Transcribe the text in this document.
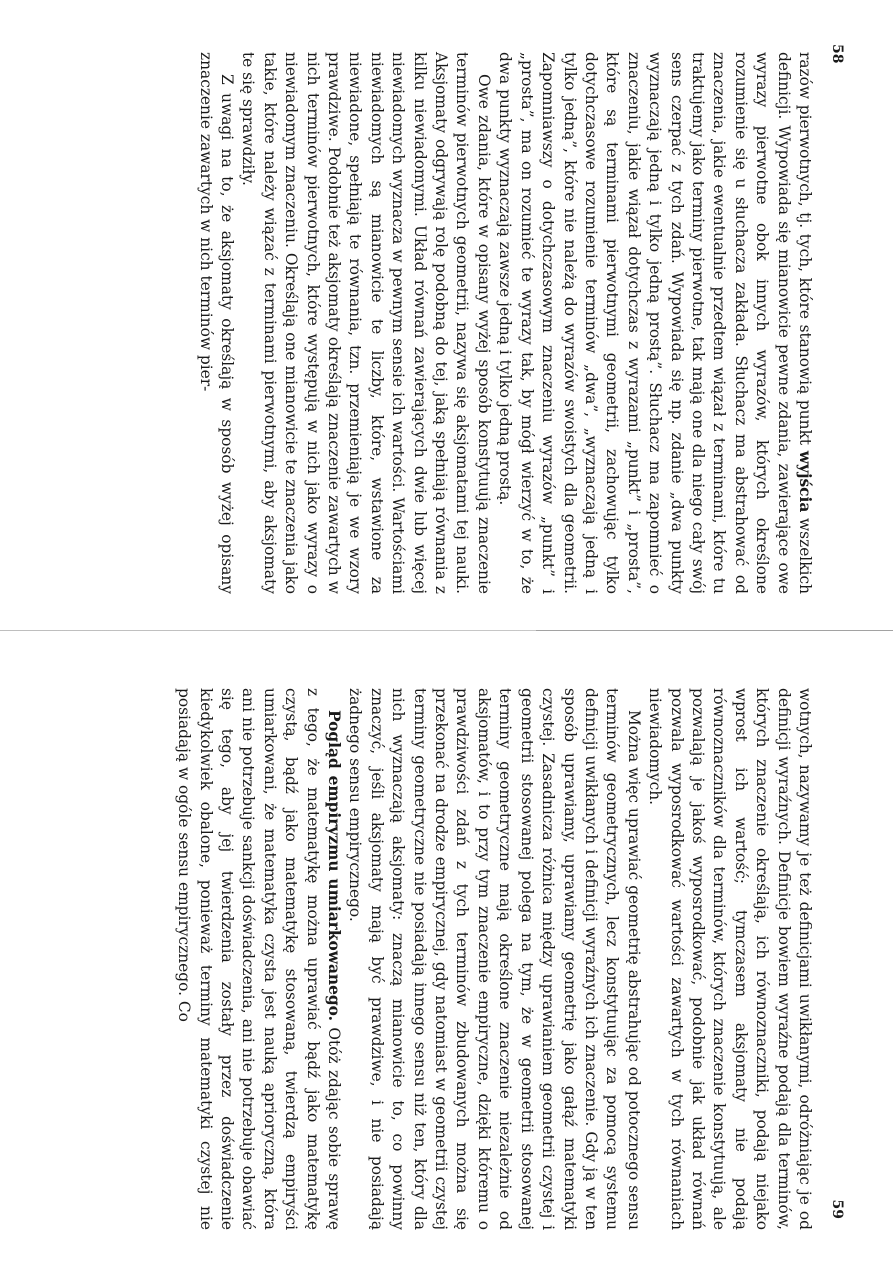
58

razów pierwotnych, tj. tych, które stanowią punkt wyjścia wszelkich definicji. Wypowiada się mianowicie pewne zdania, zawierające owe wyrazy pierwotne obok innych wyrazów, których określone rozumienie się u słuchacza zakłada. Słuchacz ma abstrahować od znaczenia, jakie ewentualnie przedtem wiązał z terminami, które tu traktujemy jako terminy pierwotne, tak mają one dla niego cały swój sens czerpać z tych zdań. Wypowiada się np. zdanie „dwa punkty wyznaczają jedną i tylko jedną prostą”. Słuchacz ma zapomnieć o znaczeniu, jakie wiązał dotychczas z wyrazami „punkt” i „prosta”, które są terminami pierwotnymi geometrii, zachowując tylko dotychczasowe rozumienie terminów „dwa”, „wyznaczają jedną i tylko jedną”, które nie należą do wyrazów swoistych dla geometrii. Zapomniawszy o dotychczasowym znaczeniu wyrazów „punkt” i „prosta”, ma on rozumieć te wyrazy tak, by mógł wierzyć w to, że dwa punkty wyznaczają zawsze jedną i tylko jedną prostą.

Owe zdania, które w opisany wyżej sposób konstytuują znaczenie terminów pierwotnych geometrii, nazywa się aksjomatami tej nauki. Aksjomaty odgrywają rolę podobną do tej, jaką spełniają równania z kilku niewiadomymi. Układ równań zawierających dwie lub więcej niewiadomych wyznacza w pewnym sensie ich wartości. Wartościami niewiadomych są mianowicie te liczby, które, wstawione za niewiadone, spełniają te równania, tzn. przemieniają je we wzory prawdziwe. Podobnie też aksjomaty określają znaczenie zawartych w nich terminów pierwotnych, które występują w nich jako wyrazy o niewiadomym znaczeniu. Określają one mianowicie te znaczenia jako takie, które należy wiązać z terminami pierwotnymi, aby aksjomaty te się sprawdziły.

Z uwagi na to, że aksjomaty określają w sposób wyżej opisany znaczenie zawartych w nich terminów pier-

59

wotnych, nazywamy je też definicjami uwikłanymi, odróżniając je od definicji wyraźnych. Definicje bowiem wyraźne podają dla terminów, których znaczenie określają, ich równoznaczniki, podają niejako wprost ich wartość; tymczasem aksjomaty nie podają równoznaczników dla terminów, których znaczenie konstytuują, ale pozwalają je jakoś wyposrodkować, podobnie jak układ równań pozwala wyposrodkować wartości zawartych w tych równaniach niewiadomych.

Można więc uprawiać geometrię abstrahując od potocznego sensu terminów geometrycznych, lecz konstytuując za pomocą systemu definicji uwikłanych i definicji wyraźnych ich znaczenie. Gdy ją w ten sposób uprawiamy, uprawiamy geometrię jako gałąź matematyki czystej. Zasadnicza różnica między uprawianiem geometrii czystej i geometrii stosowanej polega na tym, że w geometrii stosowanej terminy geometryczne mają określone znaczenie niezależnie od aksjomatów, i to przy tym znaczenie empiryczne, dzięki któremu o prawdziwości zdań z tych terminów zbudowanych można się przekonać na drodze empirycznej, gdy natomiast w geometrii czystej terminy geometryczne nie posiadają innego sensu niż ten, który dla nich wyznaczają aksjomaty: znaczą mianowicie to, co powinny znaczyć, jeśli aksjomaty mają być prawdziwe, i nie posiadają żadnego sensu empirycznego.

Pogląd empiryzmu umiarkowanego. Otóż zdając sobie sprawę z tego, że matematykę można uprawiać bądź jako matematykę czystą, bądź jako matematykę stosowaną, twierdzą empiryści umiarkowani, że matematyka czysta jest nauką aprioryczną, która ani nie potrzebuje sankcji doświadczenia, ani nie potrzebuje obawiać się tego, aby jej twierdzenia zostały przez doświadczenie kiedykolwiek obalone, ponieważ terminy matematyki czystej nie posiadają w ogóle sensu empirycznego. Co
